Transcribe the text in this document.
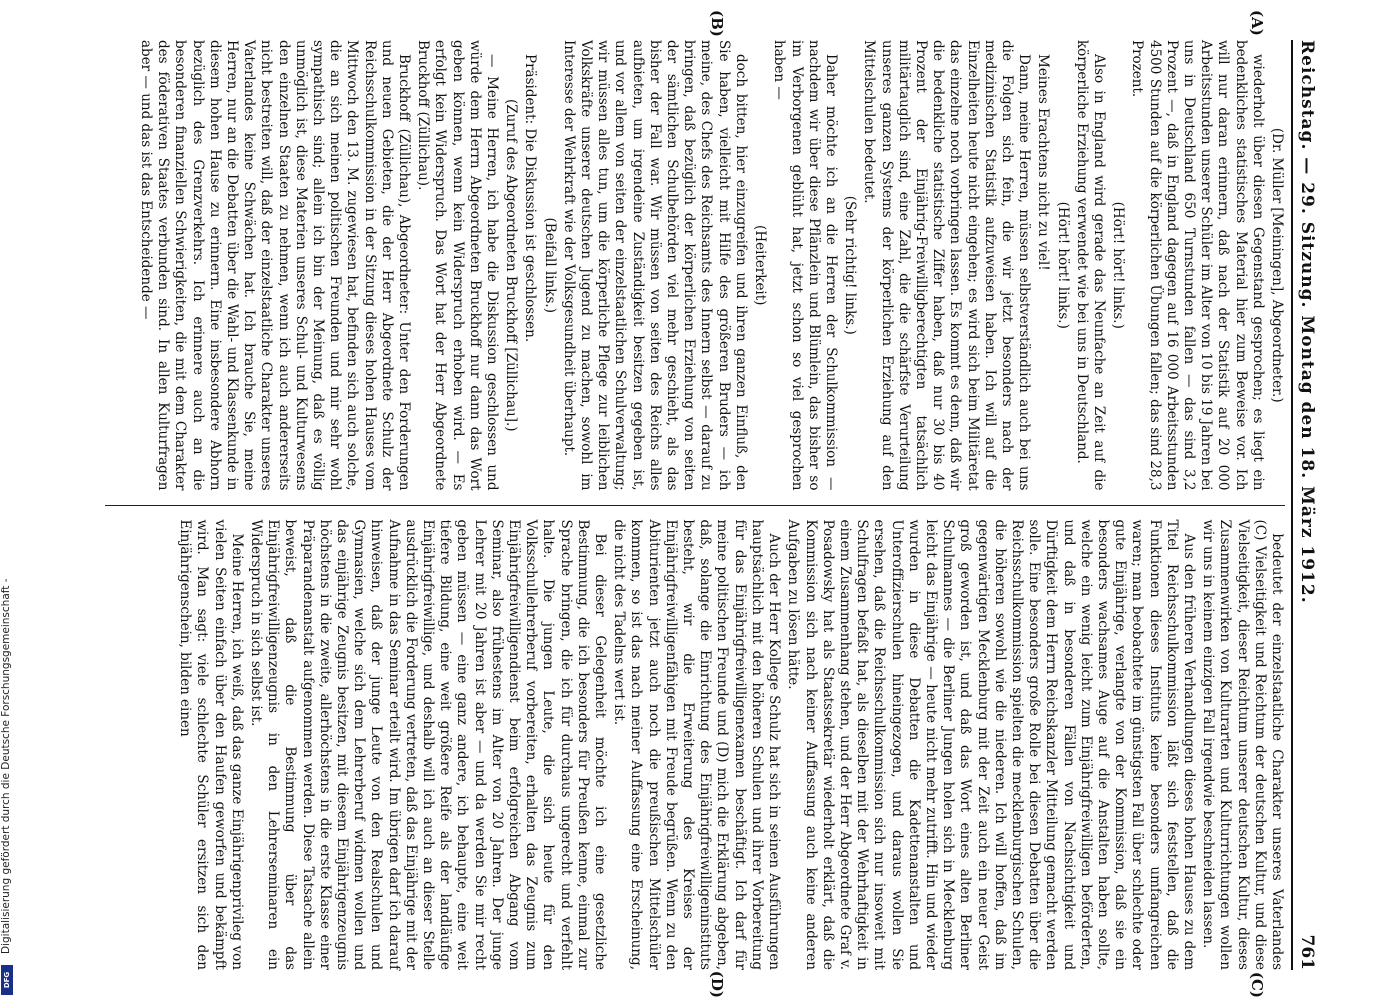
Reichstag. — 29. Sitzung. Montag den 18. März 1912.
761
(A)
(B)

(Dr. Müller [Meiningen], Abgeordneter.)

wiederholt über diesen Gegenstand gesprochen; es liegt ein bedenkliches statistisches Material hier zum Beweise vor. Ich will nur daran erinnern, daß nach der Statistik auf 20 000 Arbeitsstunden unserer Schüler im Alter von 10 bis 19 Jahren bei uns in Deutschland 650 Turnstunden fallen — das sind 3,2 Prozent —, daß in England dagegen auf 16 000 Arbeitsstunden 4500 Stunden auf die körperlichen Übungen fallen; das sind 28,3 Prozent.

(Hört! hört! links.)

Also in England wird gerade das Neunfache an Zeit auf die körperliche Erziehung verwendet wie bei uns in Deutschland.

(Hört! hört! links.)

Meines Erachtens nicht zu viel!

Dann, meine Herren, müssen selbstverständlich auch bei uns die Folgen sich fein, die wir jetzt besonders nach der medizinischen Statistik aufzuweisen haben. Ich will auf die Einzelheiten heute nicht eingehen; es wird sich beim Militäretat das einzelne noch vorbringen lassen. Es kommt es denn, daß wir die bedenkliche statistische Ziffer haben, daß nur 30 bis 40 Prozent der Einjährig-Freiwilligberechtigten tatsächlich militärtauglich sind, eine Zahl, die die schärfste Verurteilung unseres ganzen Systems der körperlichen Erziehung auf den Mittelschulen bedeutet.

(Sehr richtig! links.)

Daher möchte ich an die Herren der Schulkommission — nachdem wir über diese Pflänzlein und Blümlein, das bisher so im Verborgenen geblüht hat, jetzt schon so viel gesprochen haben —

(Heiterkeit)

doch bitten, hier einzugreifen und ihren ganzen Einfluß, den Sie haben, vielleicht mit Hilfe des größeren Bruders — ich meine, des Chefs des Reichsamts des Innern selbst — darauf zu bringen, daß bezüglich der körperlichen Erziehung von seiten der sämtlichen Schulbehörden viel mehr geschieht, als das bisher der Fall war. Wir müssen von seiten des Reichs alles aufbieten, um irgendeine Zuständigkeit besitzen gegeben ist, und vor allem von seiten der einzelstaatlichen Schulverwaltung; wir müssen alles tun, um die körperliche Pflege zur leiblichen Volkskräfte unserer deutschen Jugend zu machen, sowohl im Interesse der Wehrkraft wie der Volksgesundheit überhaupt.

(Beifall links.)

Präsident: Die Diskussion ist geschlossen.

(Zuruf des Abgeordneten Bruckhoff [Züllichau].)

— Meine Herren, ich habe die Diskussion geschlossen und würde dem Herrn Abgeordneten Bruckhoff nur dann das Wort geben können, wenn kein Widerspruch erhoben wird. — Es erfolgt kein Widerspruch. Das Wort hat der Herr Abgeordnete Bruckhoff (Züllichau).

Bruckhoff (Züllichau), Abgeordneter: Unter den Forderungen und neuen Gebieten, die der Herr Abgeordnete Schulz der Reichsschulkommission in der Sitzung dieses hohen Hauses vom Mittwoch den 13. M. zugewiesen hat, befinden sich auch solche, die an sich meinen politischen Freunden und mir sehr wohl sympathisch sind; allein ich bin der Meinung, daß es völlig unmöglich ist, diese Materien unseres Schul- und Kulturwesens den einzelnen Staaten zu nehmen, wenn ich auch andererseits nicht bestreiten will, daß der einzelstaatliche Charakter unseres Vaterlandes keine Schwächen hat. Ich brauche Sie, meine Herren, nur an die Debatten über die Wahl- und Klassenkunde in diesem hohen Hause zu erinnern. Eine insbesondere Abhorn bezüglich des Grenzverkehrs. Ich erinnere auch an die besonderen finanziellen Schwierigkeiten, die mit dem Charakter des föderativen Staates verbunden sind. In allen Kulturfragen aber — und das ist das Entscheidende —

(C)
(D)

bedeutet der einzelstaatliche Charakter unseres Vaterlandes (C) Vielseitigkeit und Reichtum der deutschen Kultur, und diese Vielseitigkeit, dieser Reichtum unserer deutschen Kultur, dieses Zusammenwirken von Kulturarten und Kulturrichtungen wollen wir uns in keinem einzigen Fall irgendwie beschneiden lassen.

Aus den früheren Verhandlungen dieses hohen Hauses zu dem Titel Reichsschulkommission läßt sich feststellen, daß die Funktionen dieses Instituts keine besonders umfangreichen waren; man beobachtete im günstigsten Fall über schlechte oder gute Einjährige, verlangte von der Kommission, daß sie ein besonders wachsames Auge auf die Anstalten haben sollte, welche ein wenig leicht zum Einjährigfreiwilligen beförderten, und daß in besonderen Fällen von Nachsichtigkeit und Dürftigkeit dem Herrn Reichskanzler Mitteilung gemacht werden solle. Eine besonders große Rolle bei diesen Debatten über die Reichsschulkommission spielten die mecklenburgischen Schulen, die höheren sowohl wie die niederen. Ich will hoffen, daß im gegenwärtigen Mecklenburg mit der Zeit auch ein neuer Geist groß geworden ist, und daß das Wort eines alten Berliner Schulmannes — die Berliner Jungen holen sich in Mecklenburg leicht das Einjährige — heute nicht mehr zutrifft. Hin und wieder wurden in diese Debatten die Kadettenanstalten und Unteroffizierschulen hineingezogen, und daraus wollen Sie ersehen, daß die Reichsschulkommission sich nur insoweit mit Schulfragen befaßt hat, als dieselben mit der Wehrhaftigkeit in einem Zusammenhang stehen, und der Herr Abgeordnete Graf v. Posadowsky hat als Staatssekretär wiederholt erklärt, daß die Kommission sich nach keiner Auffassung auch keine anderen Aufgaben zu lösen hätte.

Auch der Herr Kollege Schulz hat sich in seinen Ausführungen hauptsächlich mit den höheren Schulen und ihrer Vorbereitung für das Einjährigfreiwilligenexamen beschäftigt. Ich darf für meine politischen Freunde und (D) mich die Erklärung abgeben, daß, solange die Einrichtung des Einjährigfreiwilligeninstituts besteht, wir die Erweiterung des Kreises der Einjährigfreiwilligenfähigen mit Freude begrüßen. Wenn zu den Abiturienten jetzt auch noch die preußischen Mittelschüler kommen, so ist das nach meiner Auffassung eine Erscheinung, die nicht des Tadelns wert ist.

Bei dieser Gelegenheit möchte ich eine gesetzliche Bestimmung, die ich besonders für Preußen kenne, einmal zur Sprache bringen, die ich für durchaus ungerecht und verfehlt halte. Die jungen Leute, die sich heute für den Volksschullehrerberuf vorbereiten, erhalten das Zeugnis zum Einjährigfreiwilligendienst beim erfolgreichen Abgang vom Seminar, also frühestens im Alter von 20 Jahren. Der junge Lehrer mit 20 Jahren ist aber — und da werden Sie mir recht geben müssen — eine ganz andere, ich behaupte, eine weit tiefere Bildung, eine weit größere Reife als der landläufige Einjährigfreiwillige, und deshalb will ich auch an dieser Stelle ausdrücklich die Forderung vertreten, daß das Einjährige mit der Aufnahme in das Seminar erteilt wird. Im übrigen darf ich darauf hinweisen, daß der junge Leute von den Realschulen und Gymnasien, welche sich dem Lehrerberuf widmen wollen und das einjährige Zeugnis besitzen, mit diesem Einjährigenzeugnis höchstens in die zweite, allerhöchstens in die erste Klasse einer Präparandenanstalt aufgenommen werden. Diese Tatsache allein beweist, daß die Bestimmung über das Einjährigfreiwilligenzeugnis in den Lehrerseminaren ein Widerspruch in sich selbst ist.

Meine Herren, ich weiß, daß das ganze Einjährigenprivileg von vielen Seiten einfach über den Haufen geworfen und bekämpft wird. Man sagt: viele schlechte Schüler ersitzen sich den Einjährigenschein, bilden einen

Digitalisierung gefördert durch die Deutsche Forschungsgemeinschaft -
DFG
